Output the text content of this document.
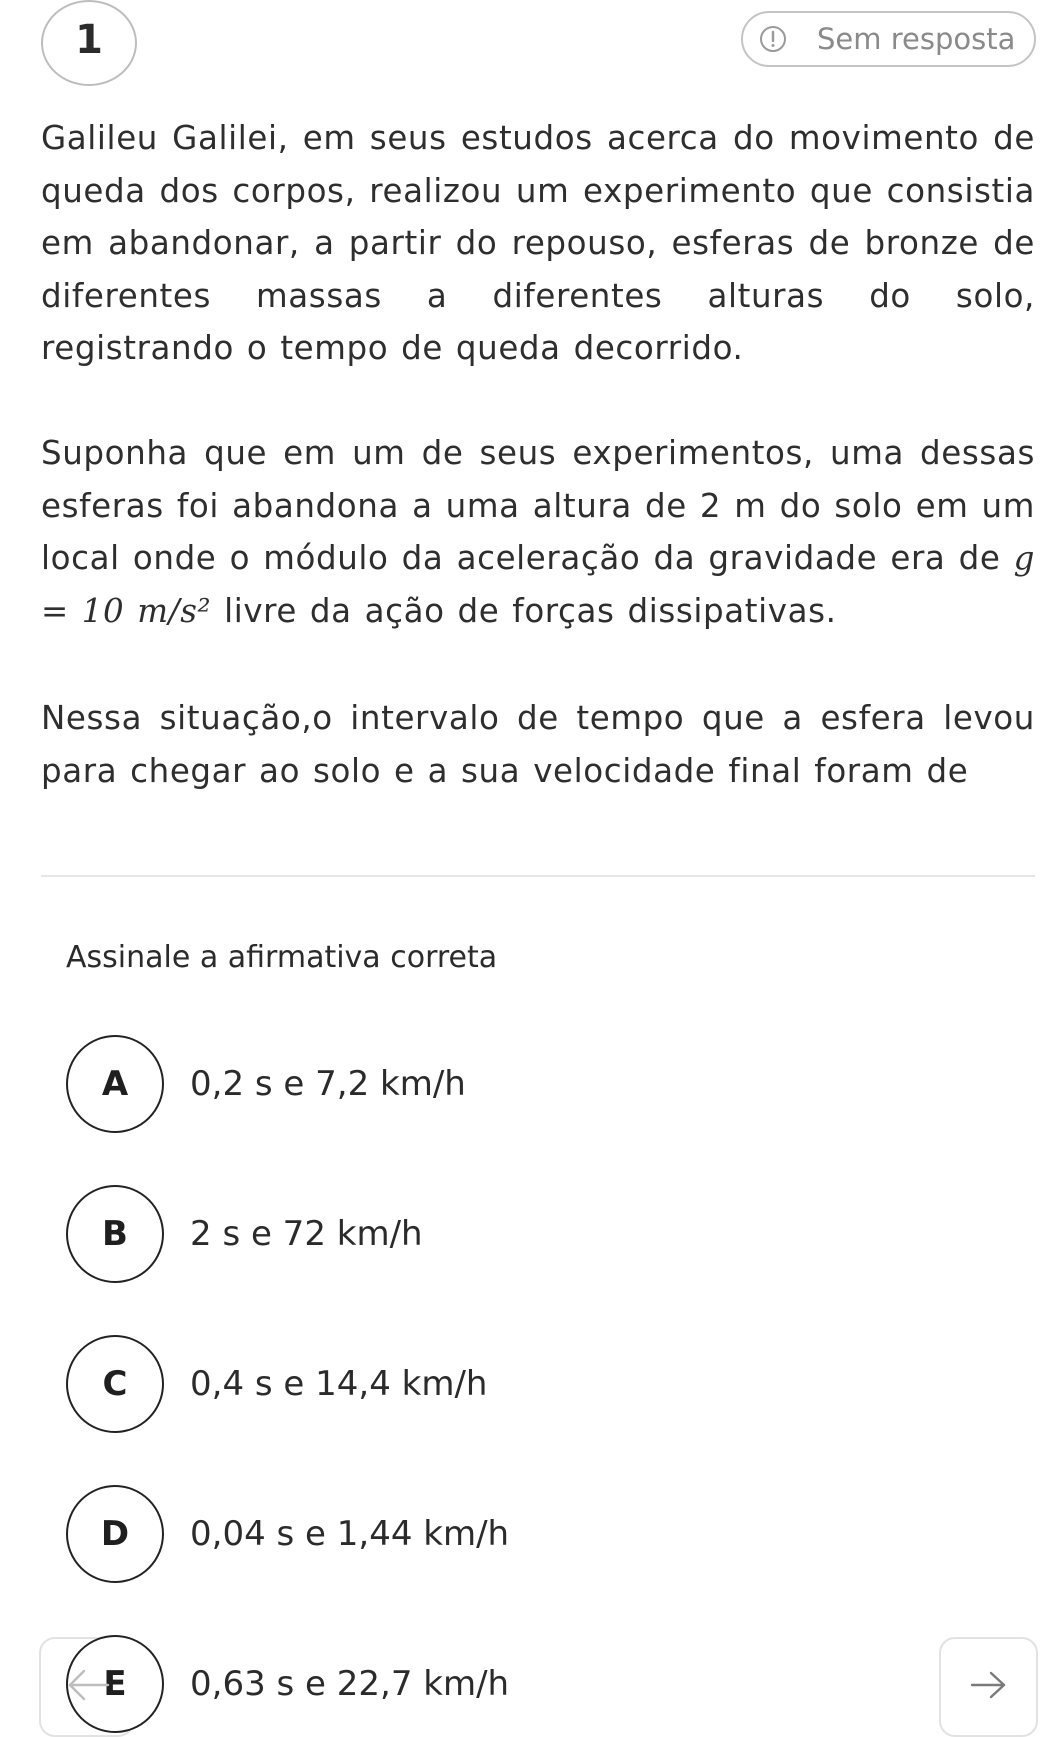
1	Sem resposta

Galileu Galilei, em seus estudos acerca do movimento de queda dos corpos, realizou um experimento que consistia em abandonar, a partir do repouso, esferas de bronze de diferentes massas a diferentes alturas do solo, registrando o tempo de queda decorrido.

Suponha que em um de seus experimentos, uma dessas esferas foi abandona a uma altura de 2 m do solo em um local onde o módulo da aceleração da gravidade era de g = 10 m/s² livre da ação de forças dissipativas.

Nessa situação,o intervalo de tempo que a esfera levou para chegar ao solo e a sua velocidade final foram de

Assinale a afirmativa correta
A	0,2 s e 7,2 km/h
B	2 s e 72 km/h
C	0,4 s e 14,4 km/h
D	0,04 s e 1,44 km/h
E	0,63 s e 22,7 km/h
